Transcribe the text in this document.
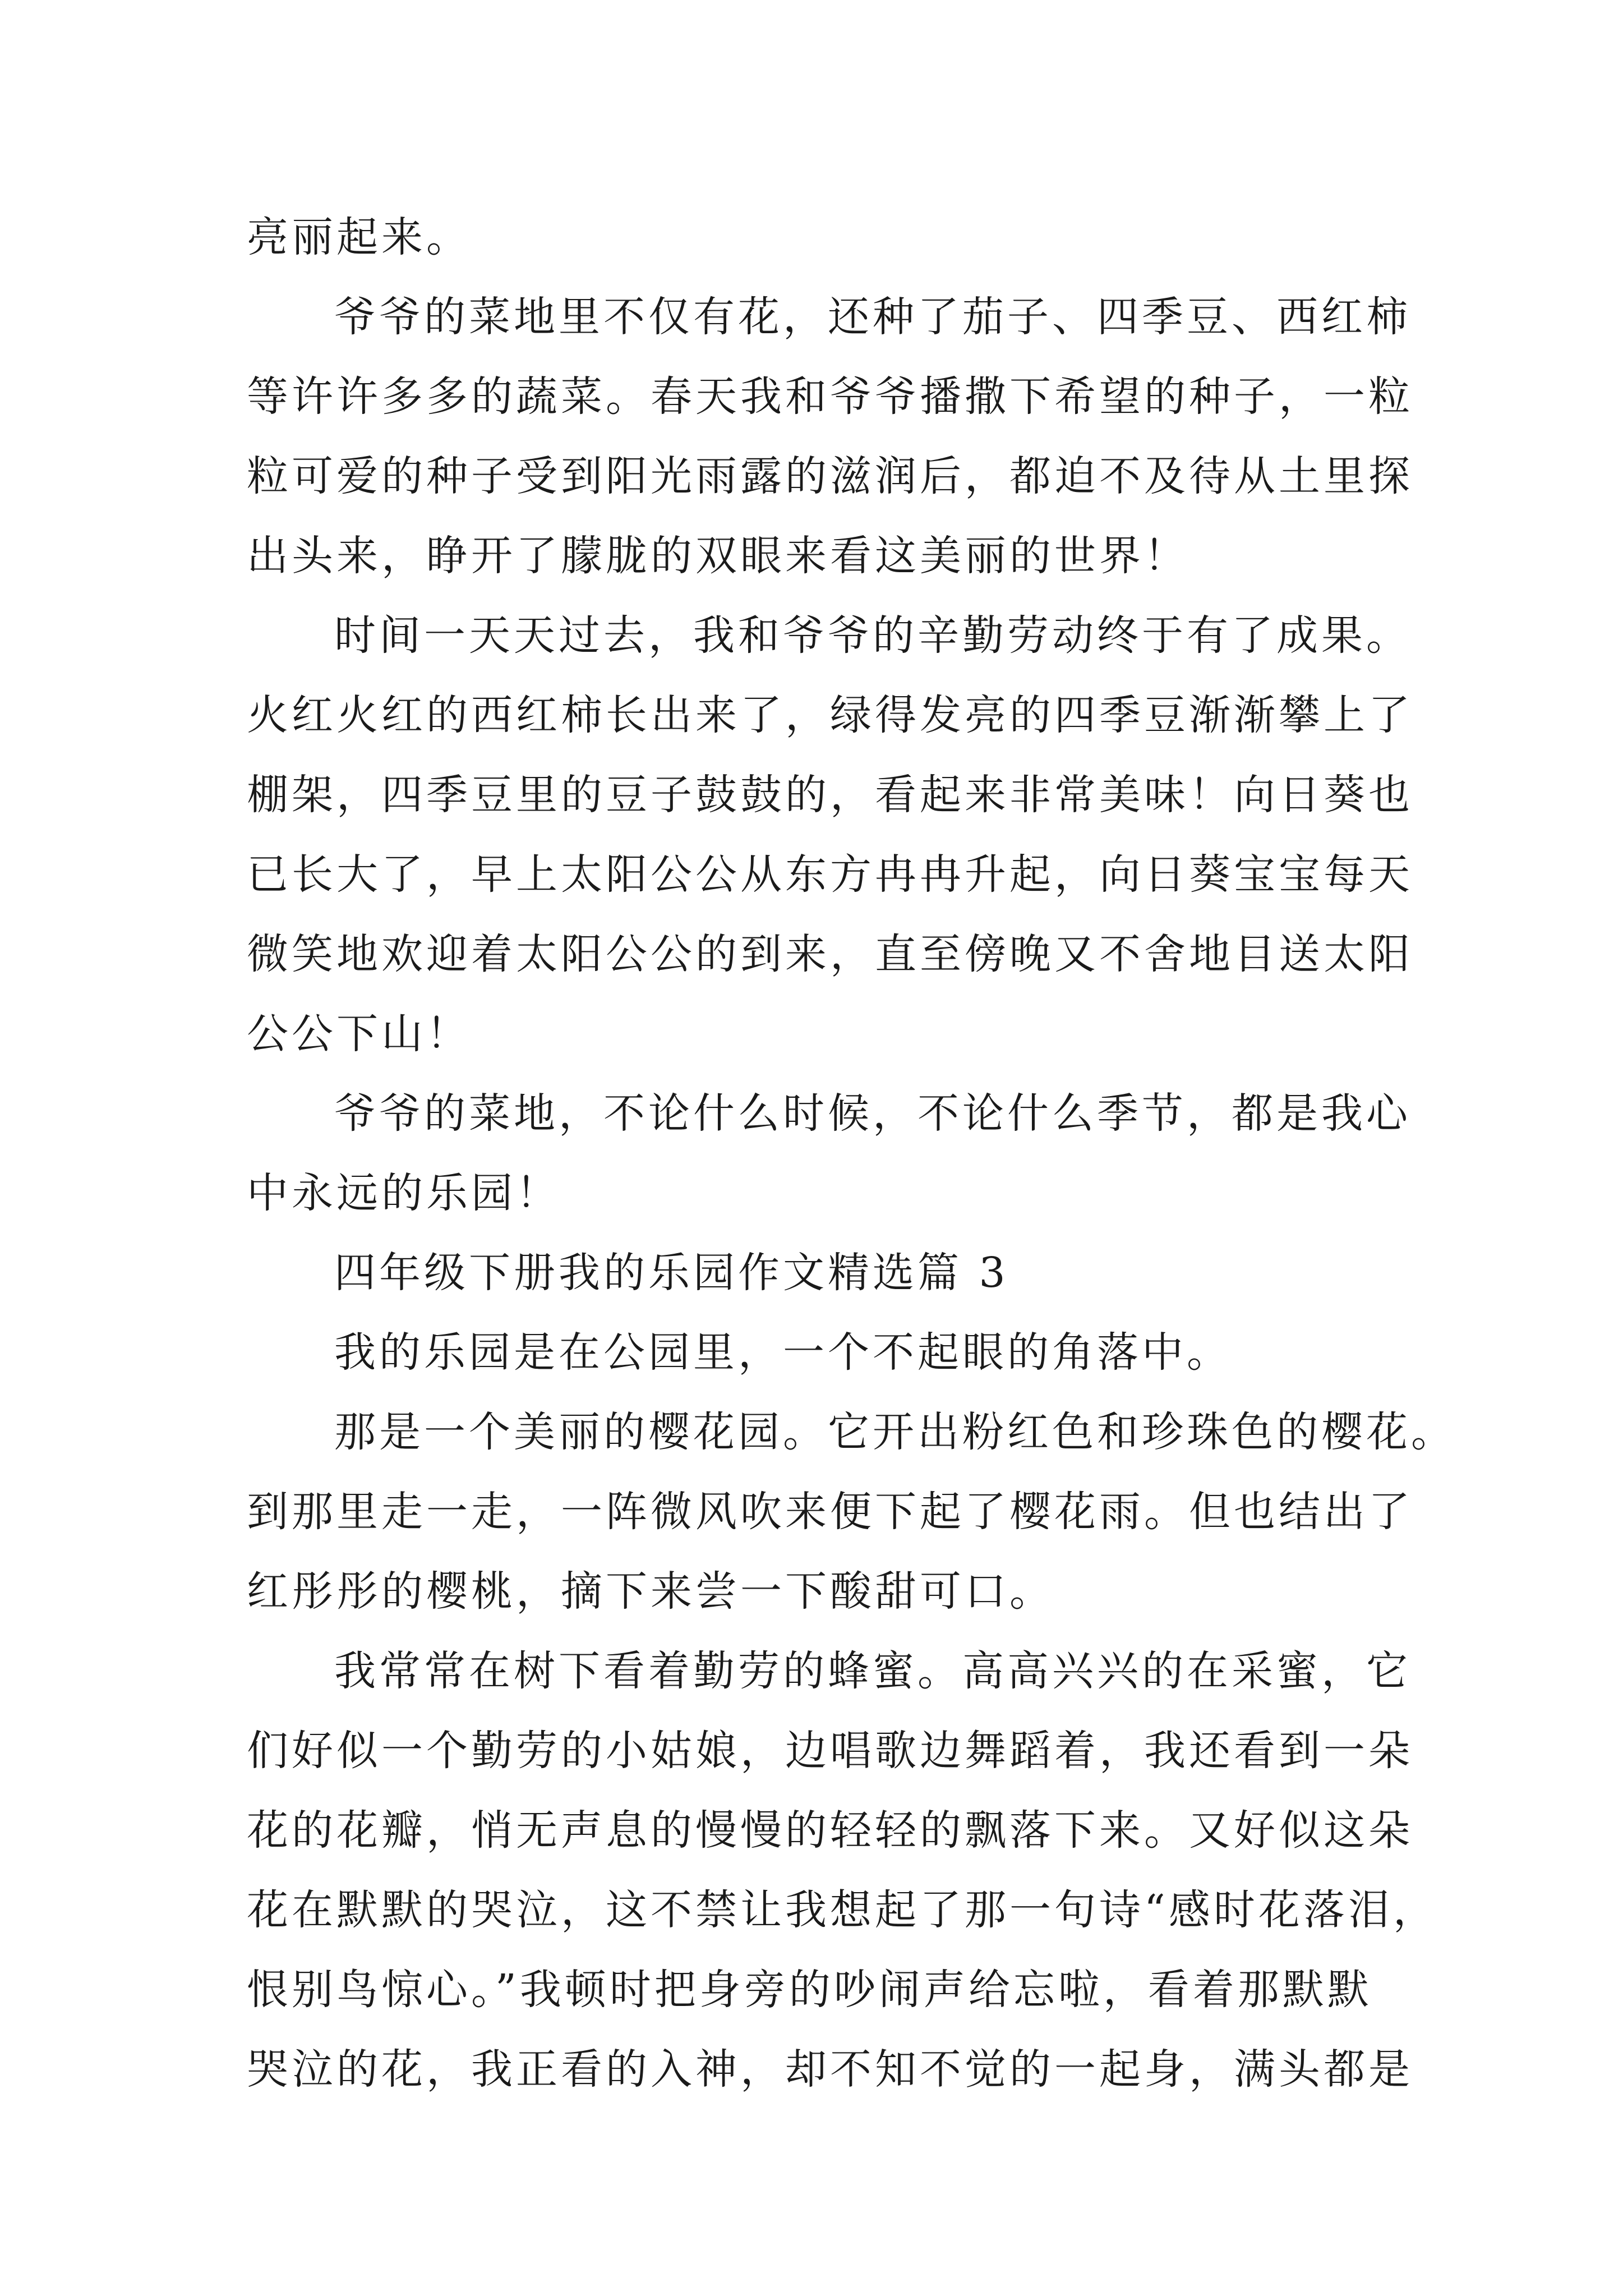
亮丽起来。
爷爷的菜地里不仅有花，还种了茄子、四季豆、西红柿
等许许多多的蔬菜。春天我和爷爷播撒下希望的种子，一粒
粒可爱的种子受到阳光雨露的滋润后，都迫不及待从土里探
出头来，睁开了朦胧的双眼来看这美丽的世界！
时间一天天过去，我和爷爷的辛勤劳动终于有了成果。
火红火红的西红柿长出来了，绿得发亮的四季豆渐渐攀上了
棚架，四季豆里的豆子鼓鼓的，看起来非常美味！向日葵也
已长大了，早上太阳公公从东方冉冉升起，向日葵宝宝每天
微笑地欢迎着太阳公公的到来，直至傍晚又不舍地目送太阳
公公下山！
爷爷的菜地，不论什么时候，不论什么季节，都是我心
中永远的乐园！
四年级下册我的乐园作文精选篇 3
我的乐园是在公园里，一个不起眼的角落中。
那是一个美丽的樱花园。它开出粉红色和珍珠色的樱花。
到那里走一走，一阵微风吹来便下起了樱花雨。但也结出了
红彤彤的樱桃，摘下来尝一下酸甜可口。
我常常在树下看着勤劳的蜂蜜。高高兴兴的在采蜜，它
们好似一个勤劳的小姑娘，边唱歌边舞蹈着，我还看到一朵
花的花瓣，悄无声息的慢慢的轻轻的飘落下来。又好似这朵
花在默默的哭泣，这不禁让我想起了那一句诗“感时花落泪，
恨别鸟惊心。”我顿时把身旁的吵闹声给忘啦，看着那默默
哭泣的花，我正看的入神，却不知不觉的一起身，满头都是
